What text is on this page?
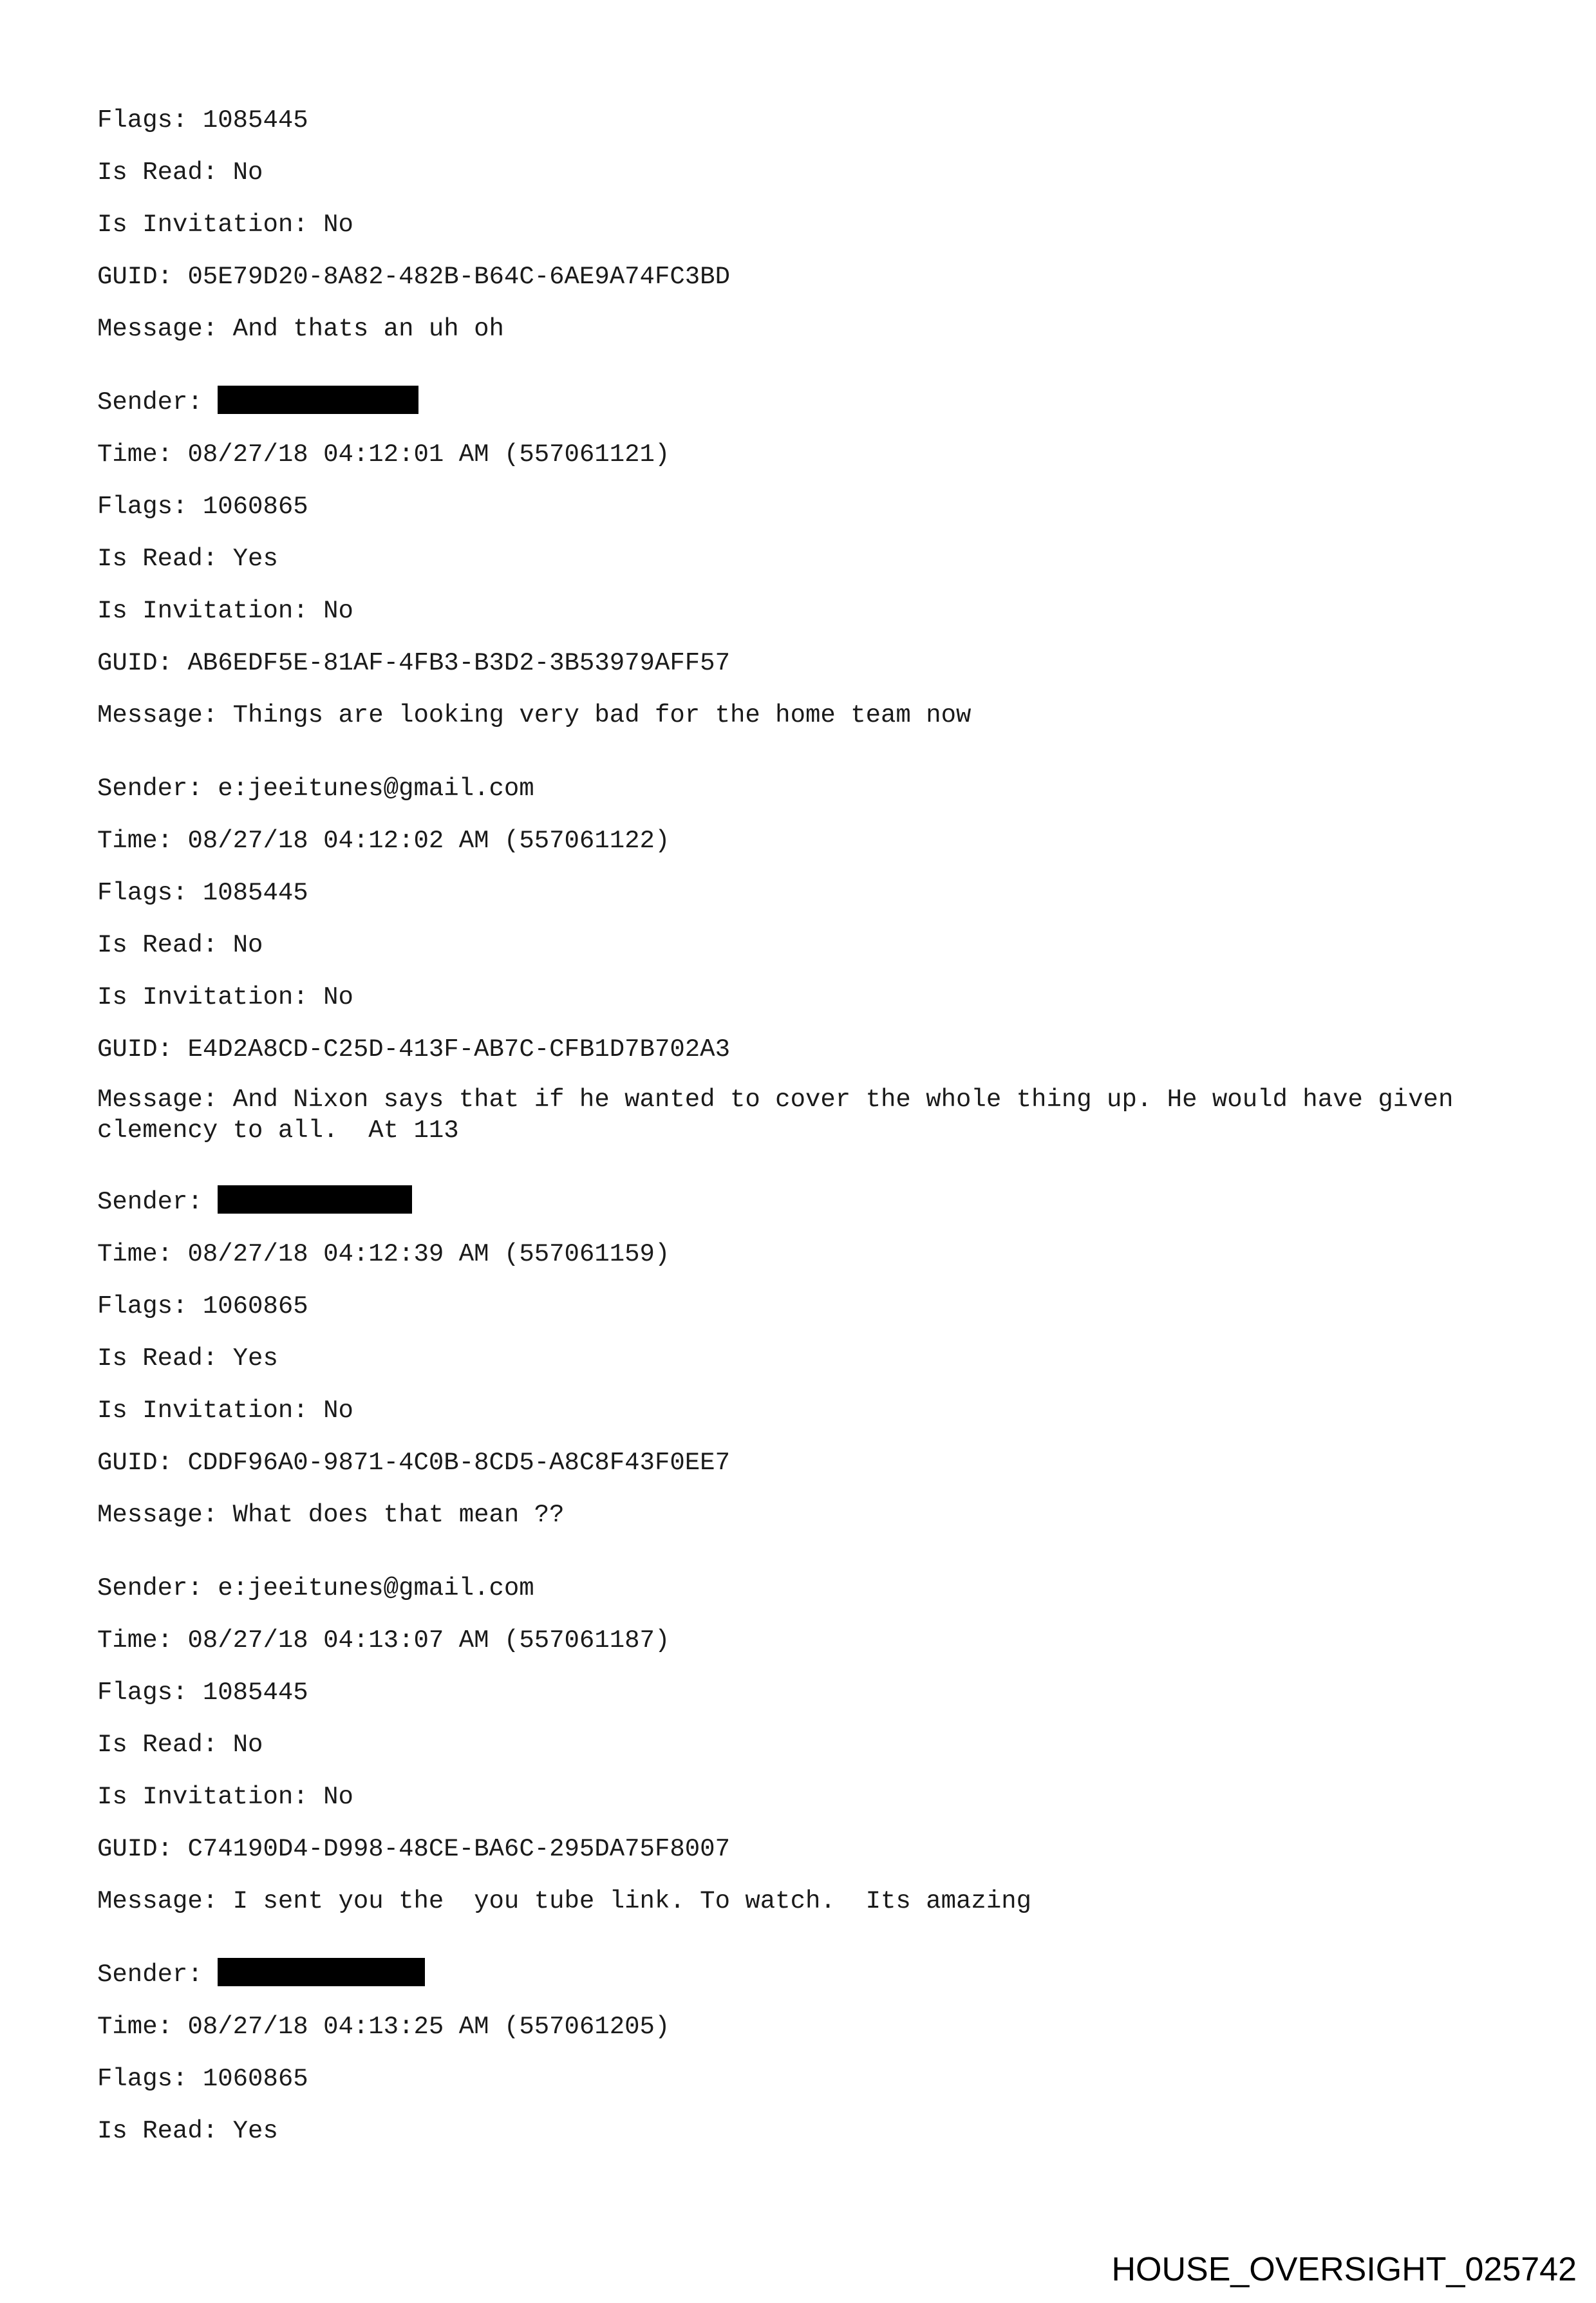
Flags: 1085445
Is Read: No
Is Invitation: No
GUID: 05E79D20-8A82-482B-B64C-6AE9A74FC3BD
Message: And thats an uh oh
Sender:
Time: 08/27/18 04:12:01 AM (557061121)
Flags: 1060865
Is Read: Yes
Is Invitation: No
GUID: AB6EDF5E-81AF-4FB3-B3D2-3B53979AFF57
Message: Things are looking very bad for the home team now
Sender: e:jeeitunes@gmail.com
Time: 08/27/18 04:12:02 AM (557061122)
Flags: 1085445
Is Read: No
Is Invitation: No
GUID: E4D2A8CD-C25D-413F-AB7C-CFB1D7B702A3
Message: And Nixon says that if he wanted to cover the whole thing up. He would have given clemency to all.  At 113
Sender:
Time: 08/27/18 04:12:39 AM (557061159)
Flags: 1060865
Is Read: Yes
Is Invitation: No
GUID: CDDF96A0-9871-4C0B-8CD5-A8C8F43F0EE7
Message: What does that mean ??
Sender: e:jeeitunes@gmail.com
Time: 08/27/18 04:13:07 AM (557061187)
Flags: 1085445
Is Read: No
Is Invitation: No
GUID: C74190D4-D998-48CE-BA6C-295DA75F8007
Message: I sent you the  you tube link. To watch.  Its amazing
Sender:
Time: 08/27/18 04:13:25 AM (557061205)
Flags: 1060865
Is Read: Yes
HOUSE_OVERSIGHT_025742
